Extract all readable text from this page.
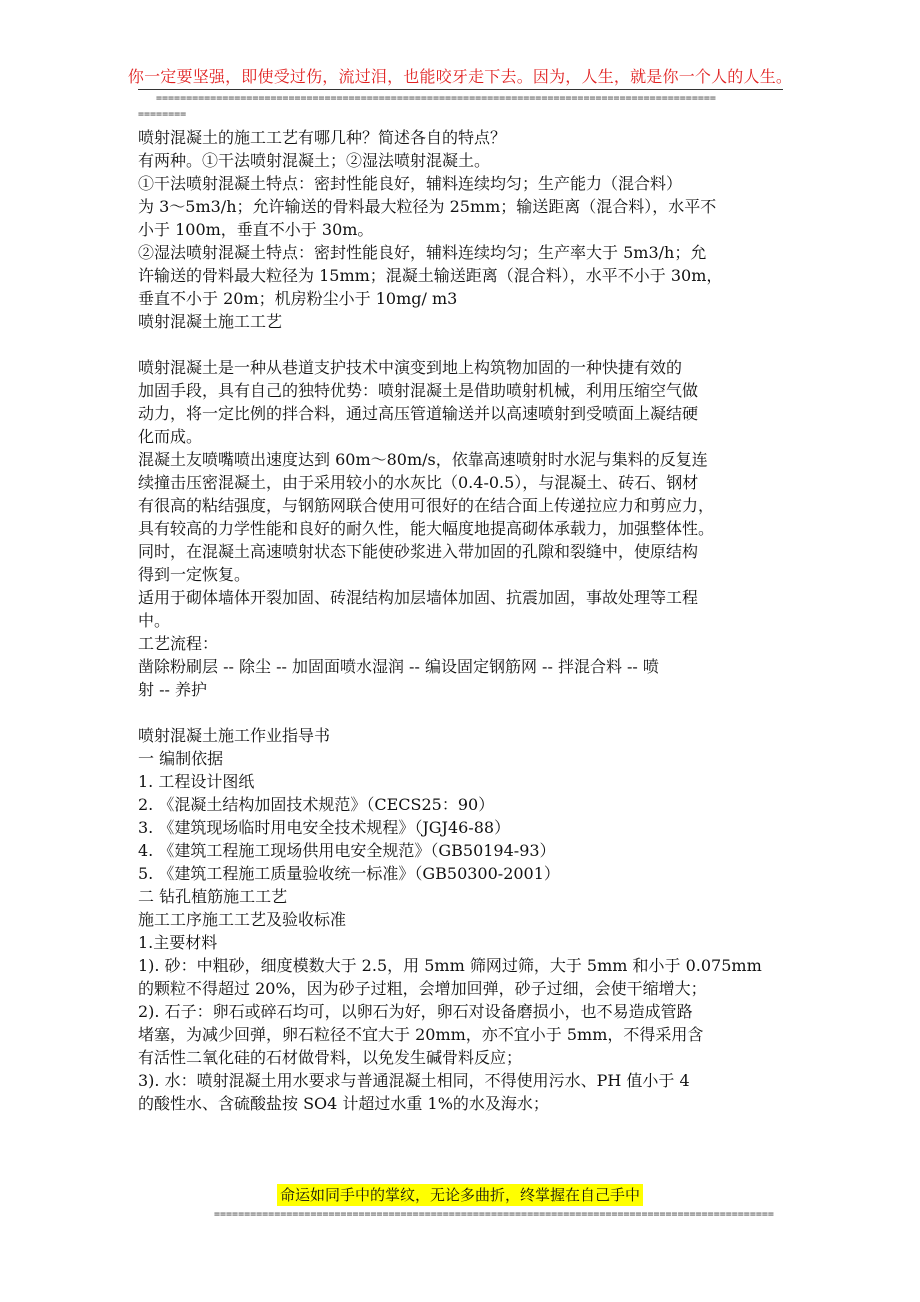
你一定要坚强，即使受过伤，流过泪，也能咬牙走下去。因为，人生，就是你一个人的人生。
=============================================================================================
========
喷射混凝土的施工工艺有哪几种？简述各自的特点？
有两种。①干法喷射混凝土；②湿法喷射混凝土。
①干法喷射混凝土特点：密封性能良好，辅料连续均匀；生产能力（混合料）
为 3～5m3/h；允许输送的骨料最大粒径为 25mm；输送距离（混合料），水平不
小于 100m，垂直不小于 30m。
②湿法喷射混凝土特点：密封性能良好，辅料连续均匀；生产率大于 5m3/h；允
许输送的骨料最大粒径为 15mm；混凝土输送距离（混合料），水平不小于 30m，
垂直不小于 20m；机房粉尘小于 10mg/ m3
喷射混凝土施工工艺
喷射混凝土是一种从巷道支护技术中演变到地上构筑物加固的一种快捷有效的
加固手段，具有自己的独特优势：喷射混凝土是借助喷射机械，利用压缩空气做
动力，将一定比例的拌合料，通过高压管道输送并以高速喷射到受喷面上凝结硬
化而成。
混凝土友喷嘴喷出速度达到 60m～80m/s，依靠高速喷射时水泥与集料的反复连
续撞击压密混凝土，由于采用较小的水灰比（0.4-0.5），与混凝土、砖石、钢材
有很高的粘结强度，与钢筋网联合使用可很好的在结合面上传递拉应力和剪应力，
具有较高的力学性能和良好的耐久性，能大幅度地提高砌体承载力，加强整体性。
同时，在混凝土高速喷射状态下能使砂浆进入带加固的孔隙和裂缝中，使原结构
得到一定恢复。
适用于砌体墙体开裂加固、砖混结构加层墙体加固、抗震加固，事故处理等工程
中。
工艺流程：
凿除粉刷层 -- 除尘 -- 加固面喷水湿润 -- 编设固定钢筋网 -- 拌混合料 -- 喷
射 -- 养护
喷射混凝土施工作业指导书
一 编制依据
1. 工程设计图纸
2. 《混凝土结构加固技术规范》（CECS25：90）
3. 《建筑现场临时用电安全技术规程》（JGJ46-88）
4. 《建筑工程施工现场供用电安全规范》（GB50194-93）
5. 《建筑工程施工质量验收统一标准》（GB50300-2001）
二 钻孔植筋施工工艺
施工工序施工工艺及验收标准
1.主要材料
1). 砂：中粗砂，细度模数大于 2.5，用 5mm 筛网过筛，大于 5mm 和小于 0.075mm
的颗粒不得超过 20%，因为砂子过粗，会增加回弹，砂子过细，会使干缩增大；
2). 石子：卵石或碎石均可，以卵石为好，卵石对设备磨损小，也不易造成管路
堵塞，为减少回弹，卵石粒径不宜大于 20mm，亦不宜小于 5mm，不得采用含
有活性二氧化硅的石材做骨料，以免发生碱骨料反应；
3). 水：喷射混凝土用水要求与普通混凝土相同，不得使用污水、PH 值小于 4
的酸性水、含硫酸盐按 SO4 计超过水重 1%的水及海水；
命运如同手中的掌纹，无论多曲折，终掌握在自己手中
=============================================================================================
